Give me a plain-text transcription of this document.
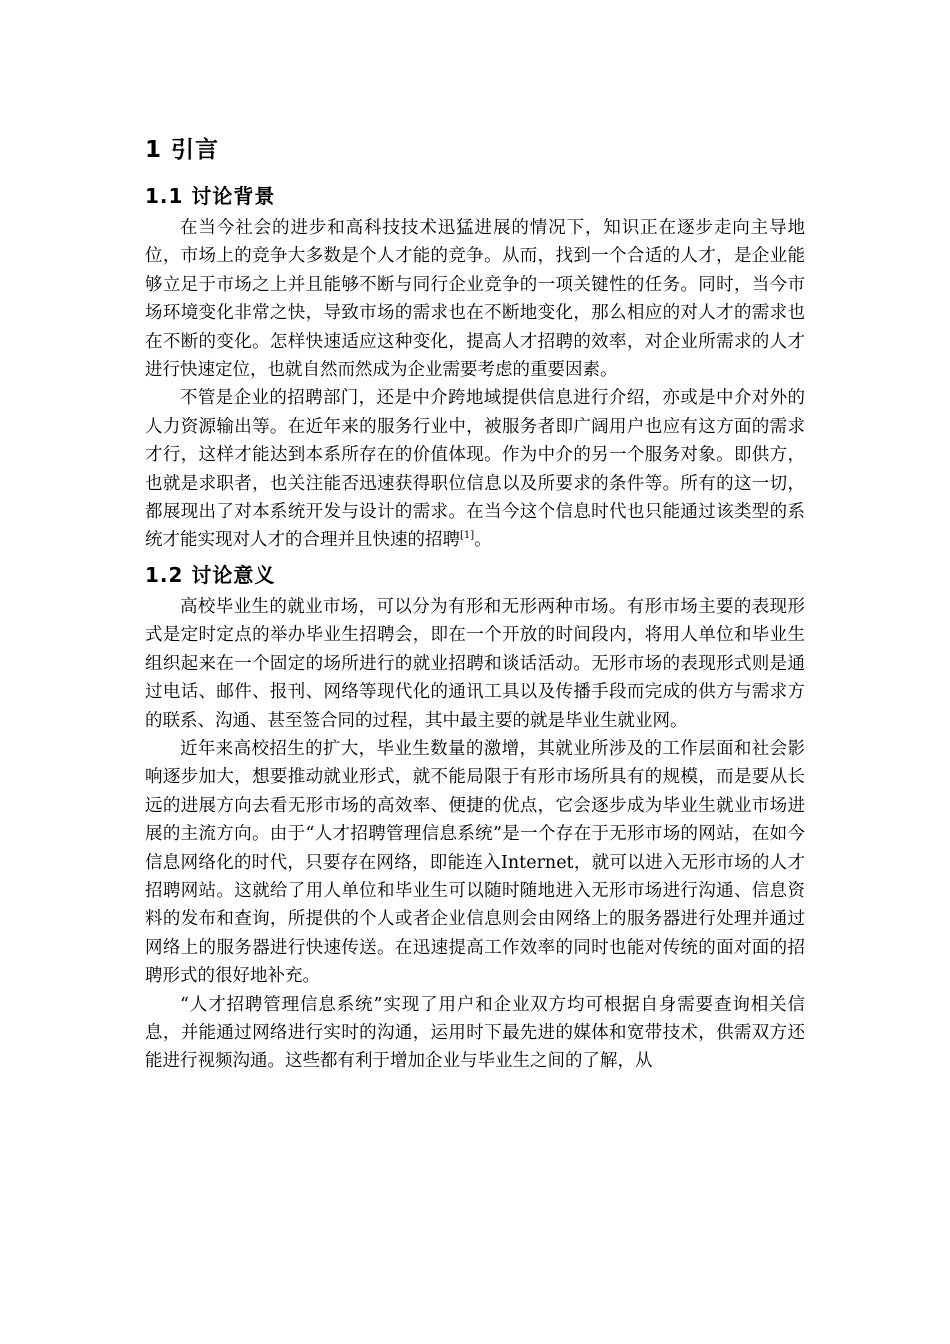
1 引言
1.1 讨论背景

在当今社会的进步和高科技技术迅猛进展的情况下，知识正在逐步走向主导地位，市场上的竞争大多数是个人才能的竞争。从而，找到一个合适的人才，是企业能够立足于市场之上并且能够不断与同行企业竞争的一项关键性的任务。同时，当今市场环境变化非常之快，导致市场的需求也在不断地变化，那么相应的对人才的需求也在不断的变化。怎样快速适应这种变化，提高人才招聘的效率，对企业所需求的人才进行快速定位，也就自然而然成为企业需要考虑的重要因素。

不管是企业的招聘部门，还是中介跨地域提供信息进行介绍，亦或是中介对外的人力资源输出等。在近年来的服务行业中，被服务者即广阔用户也应有这方面的需求才行，这样才能达到本系所存在的价值体现。作为中介的另一个服务对象。即供方，也就是求职者，也关注能否迅速获得职位信息以及所要求的条件等。所有的这一切，都展现出了对本系统开发与设计的需求。在当今这个信息时代也只能通过该类型的系统才能实现对人才的合理并且快速的招聘[1]。

1.2 讨论意义

高校毕业生的就业市场，可以分为有形和无形两种市场。有形市场主要的表现形式是定时定点的举办毕业生招聘会，即在一个开放的时间段内，将用人单位和毕业生组织起来在一个固定的场所进行的就业招聘和谈话活动。无形市场的表现形式则是通过电话、邮件、报刊、网络等现代化的通讯工具以及传播手段而完成的供方与需求方的联系、沟通、甚至签合同的过程，其中最主要的就是毕业生就业网。

近年来高校招生的扩大，毕业生数量的激增，其就业所涉及的工作层面和社会影响逐步加大，想要推动就业形式，就不能局限于有形市场所具有的规模，而是要从长远的进展方向去看无形市场的高效率、便捷的优点，它会逐步成为毕业生就业市场进展的主流方向。由于“人才招聘管理信息系统”是一个存在于无形市场的网站，在如今信息网络化的时代，只要存在网络，即能连入Internet，就可以进入无形市场的人才招聘网站。这就给了用人单位和毕业生可以随时随地进入无形市场进行沟通、信息资料的发布和查询，所提供的个人或者企业信息则会由网络上的服务器进行处理并通过网络上的服务器进行快速传送。在迅速提高工作效率的同时也能对传统的面对面的招聘形式的很好地补充。

“人才招聘管理信息系统”实现了用户和企业双方均可根据自身需要查询相关信息，并能通过网络进行实时的沟通，运用时下最先进的媒体和宽带技术，供需双方还能进行视频沟通。这些都有利于增加企业与毕业生之间的了解，从
